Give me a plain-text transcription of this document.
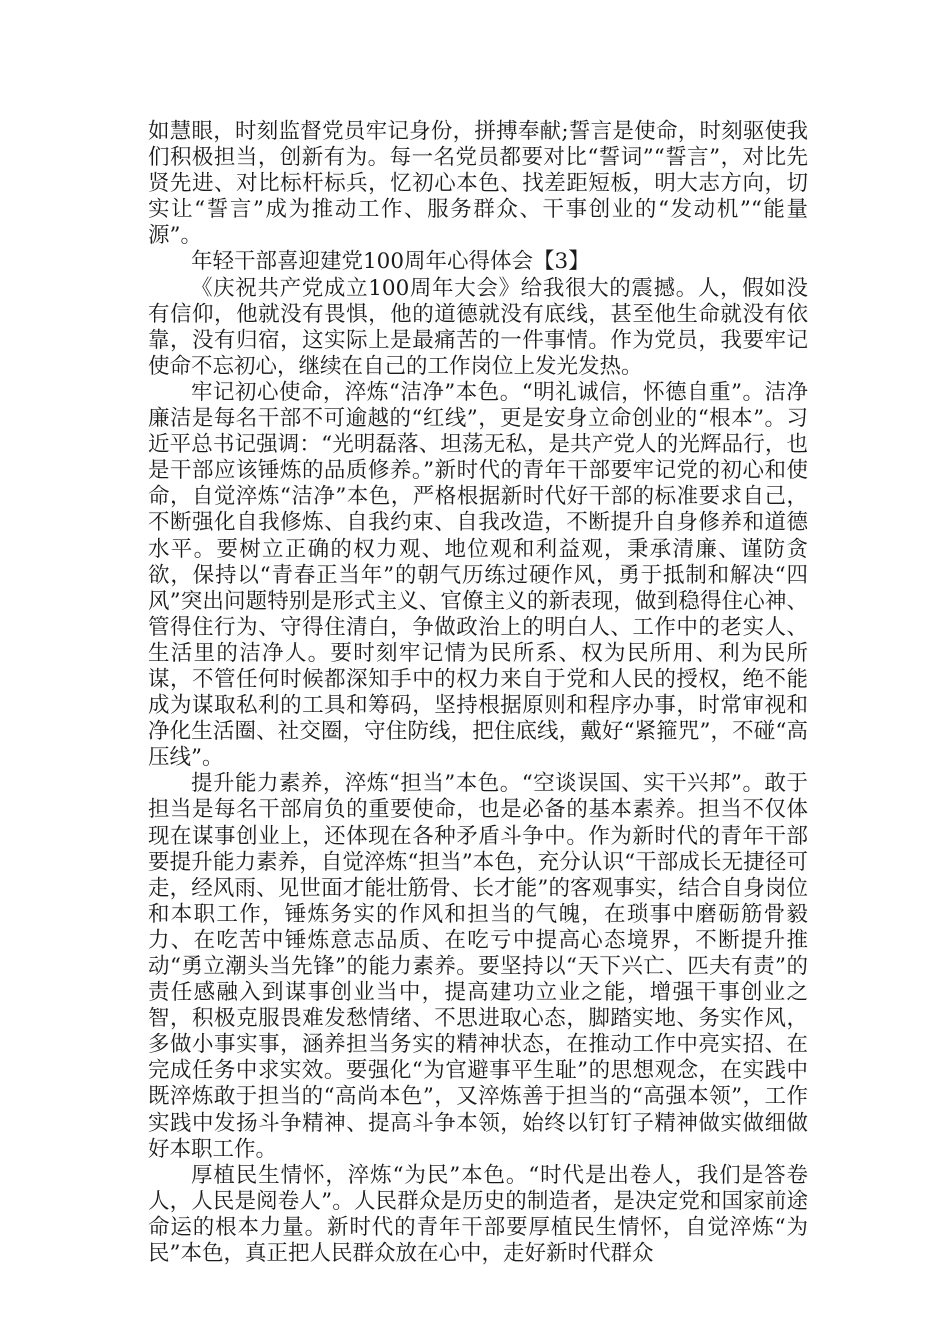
如慧眼，时刻监督党员牢记身份，拼搏奉献;誓言是使命，时刻驱使我们积极担当，创新有为。每一名党员都要对比“誓词”“誓言”，对比先贤先进、对比标杆标兵，忆初心本色、找差距短板，明大志方向，切实让“誓言”成为推动工作、服务群众、干事创业的“发动机”“能量源”。

年轻干部喜迎建党100周年心得体会【3】

《庆祝共产党成立100周年大会》给我很大的震撼。人，假如没有信仰，他就没有畏惧，他的道德就没有底线，甚至他生命就没有依靠，没有归宿，这实际上是最痛苦的一件事情。作为党员，我要牢记使命不忘初心，继续在自己的工作岗位上发光发热。

牢记初心使命，淬炼“洁净”本色。“明礼诚信，怀德自重”。洁净廉洁是每名干部不可逾越的“红线”，更是安身立命创业的“根本”。习近平总书记强调：“光明磊落、坦荡无私，是共产党人的光辉品行，也是干部应该锤炼的品质修养。”新时代的青年干部要牢记党的初心和使命，自觉淬炼“洁净”本色，严格根据新时代好干部的标准要求自己，不断强化自我修炼、自我约束、自我改造，不断提升自身修养和道德水平。要树立正确的权力观、地位观和利益观，秉承清廉、谨防贪欲，保持以“青春正当年”的朝气历练过硬作风，勇于抵制和解决“四风”突出问题特别是形式主义、官僚主义的新表现，做到稳得住心神、管得住行为、守得住清白，争做政治上的明白人、工作中的老实人、生活里的洁净人。要时刻牢记情为民所系、权为民所用、利为民所谋，不管任何时候都深知手中的权力来自于党和人民的授权，绝不能成为谋取私利的工具和筹码，坚持根据原则和程序办事，时常审视和净化生活圈、社交圈，守住防线，把住底线，戴好“紧箍咒”，不碰“高压线”。

提升能力素养，淬炼“担当”本色。“空谈误国、实干兴邦”。敢于担当是每名干部肩负的重要使命，也是必备的基本素养。担当不仅体现在谋事创业上，还体现在各种矛盾斗争中。作为新时代的青年干部要提升能力素养，自觉淬炼“担当”本色，充分认识“干部成长无捷径可走，经风雨、见世面才能壮筋骨、长才能”的客观事实，结合自身岗位和本职工作，锤炼务实的作风和担当的气魄，在琐事中磨砺筋骨毅力、在吃苦中锤炼意志品质、在吃亏中提高心态境界，不断提升推动“勇立潮头当先锋”的能力素养。要坚持以“天下兴亡、匹夫有责”的责任感融入到谋事创业当中，提高建功立业之能，增强干事创业之智，积极克服畏难发愁情绪、不思进取心态，脚踏实地、务实作风，多做小事实事，涵养担当务实的精神状态，在推动工作中亮实招、在完成任务中求实效。要强化“为官避事平生耻”的思想观念，在实践中既淬炼敢于担当的“高尚本色”，又淬炼善于担当的“高强本领”，工作实践中发扬斗争精神、提高斗争本领，始终以钉钉子精神做实做细做好本职工作。

厚植民生情怀，淬炼“为民”本色。“时代是出卷人，我们是答卷人，人民是阅卷人”。人民群众是历史的制造者，是决定党和国家前途命运的根本力量。新时代的青年干部要厚植民生情怀，自觉淬炼“为民”本色，真正把人民群众放在心中，走好新时代群众
